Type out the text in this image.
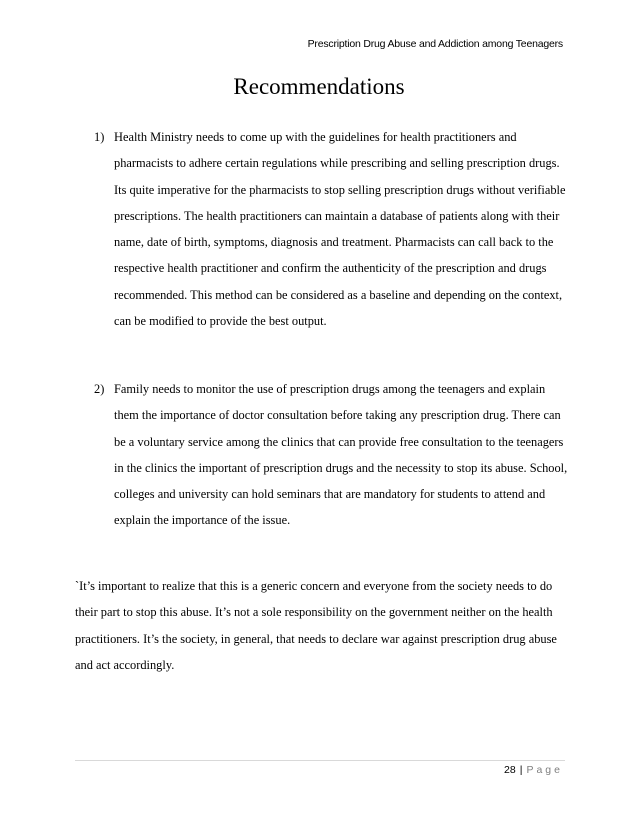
Prescription Drug Abuse and Addiction among Teenagers
Recommendations
1) Health Ministry needs to come up with the guidelines for health practitioners and pharmacists to adhere certain regulations while prescribing and selling prescription drugs. Its quite imperative for the pharmacists to stop selling prescription drugs without verifiable prescriptions. The health practitioners can maintain a database of patients along with their name, date of birth, symptoms, diagnosis and treatment. Pharmacists can call back to the respective health practitioner and confirm the authenticity of the prescription and drugs recommended. This method can be considered as a baseline and depending on the context, can be modified to provide the best output.
2) Family needs to monitor the use of prescription drugs among the teenagers and explain them the importance of doctor consultation before taking any prescription drug. There can be a voluntary service among the clinics that can provide free consultation to the teenagers in the clinics the important of prescription drugs and the necessity to stop its abuse. School, colleges and university can hold seminars that are mandatory for students to attend and explain the importance of the issue.

`It’s important to realize that this is a generic concern and everyone from the society needs to do their part to stop this abuse. It’s not a sole responsibility on the government neither on the health practitioners. It’s the society, in general, that needs to declare war against prescription drug abuse and act accordingly.

28 | Page
